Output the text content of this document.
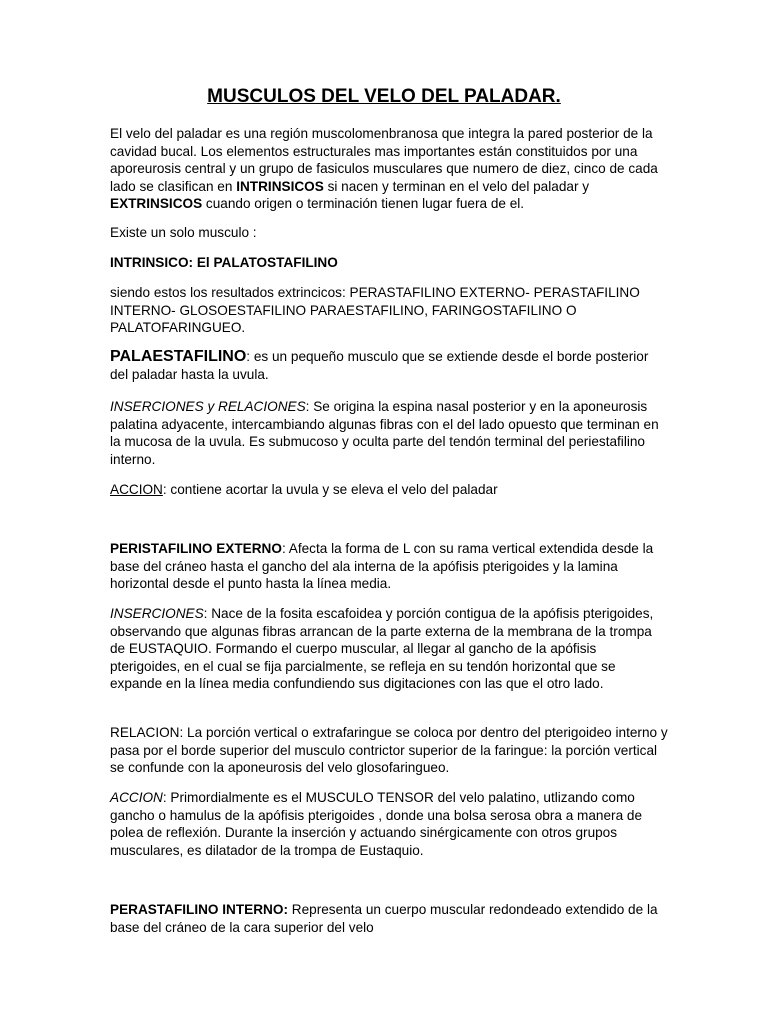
MUSCULOS DEL VELO DEL PALADAR.

El velo del paladar es una región muscolomenbranosa que integra la pared posterior de la cavidad bucal. Los elementos estructurales mas importantes están constituidos por una aporeurosis central y un grupo de fasiculos musculares que numero de diez, cinco de cada lado se clasifican en INTRINSICOS si nacen y terminan en el velo del paladar y EXTRINSICOS cuando origen o terminación tienen lugar fuera de el.

Existe un solo musculo :

INTRINSICO: El PALATOSTAFILINO

siendo estos los resultados extrincicos: PERASTAFILINO EXTERNO- PERASTAFILINO INTERNO- GLOSOESTAFILINO PARAESTAFILINO, FARINGOSTAFILINO O PALATOFARINGUEO.

PALAESTAFILINO: es un pequeño musculo que se extiende desde el borde posterior del paladar hasta la uvula.

INSERCIONES y RELACIONES: Se origina la espina nasal posterior y en la aponeurosis palatina adyacente, intercambiando algunas fibras con el del lado opuesto que terminan en la mucosa de la uvula. Es submucoso y oculta parte del tendón terminal del periestafilino interno.

ACCION: contiene acortar la uvula y se eleva el velo del paladar

PERISTAFILINO EXTERNO: Afecta la forma de L con su rama vertical extendida desde la base del cráneo hasta el gancho del ala interna de la apófisis pterigoides y la lamina horizontal desde el punto hasta la línea media.

INSERCIONES: Nace de la fosita escafoidea y porción contigua de la apófisis pterigoides, observando que algunas fibras arrancan de la parte externa de la membrana de la trompa de EUSTAQUIO. Formando el cuerpo muscular, al llegar al gancho de la apófisis pterigoides, en el cual se fija parcialmente, se refleja en su tendón horizontal que se expande en la línea media confundiendo sus digitaciones con las que el otro lado.

RELACION: La porción vertical o extrafaringue se coloca por dentro del pterigoideo interno y pasa por el borde superior del musculo contrictor superior de la faringue: la porción vertical se confunde con la aponeurosis del velo glosofaringueo.

ACCION: Primordialmente es el MUSCULO TENSOR del velo palatino, utlizando como gancho o hamulus de la apófisis pterigoides , donde una bolsa serosa obra a manera de polea de reflexión. Durante la inserción y actuando sinérgicamente con otros grupos musculares, es dilatador de la trompa de Eustaquio.

PERASTAFILINO INTERNO: Representa un cuerpo muscular redondeado extendido de la base del cráneo de la cara superior del velo
